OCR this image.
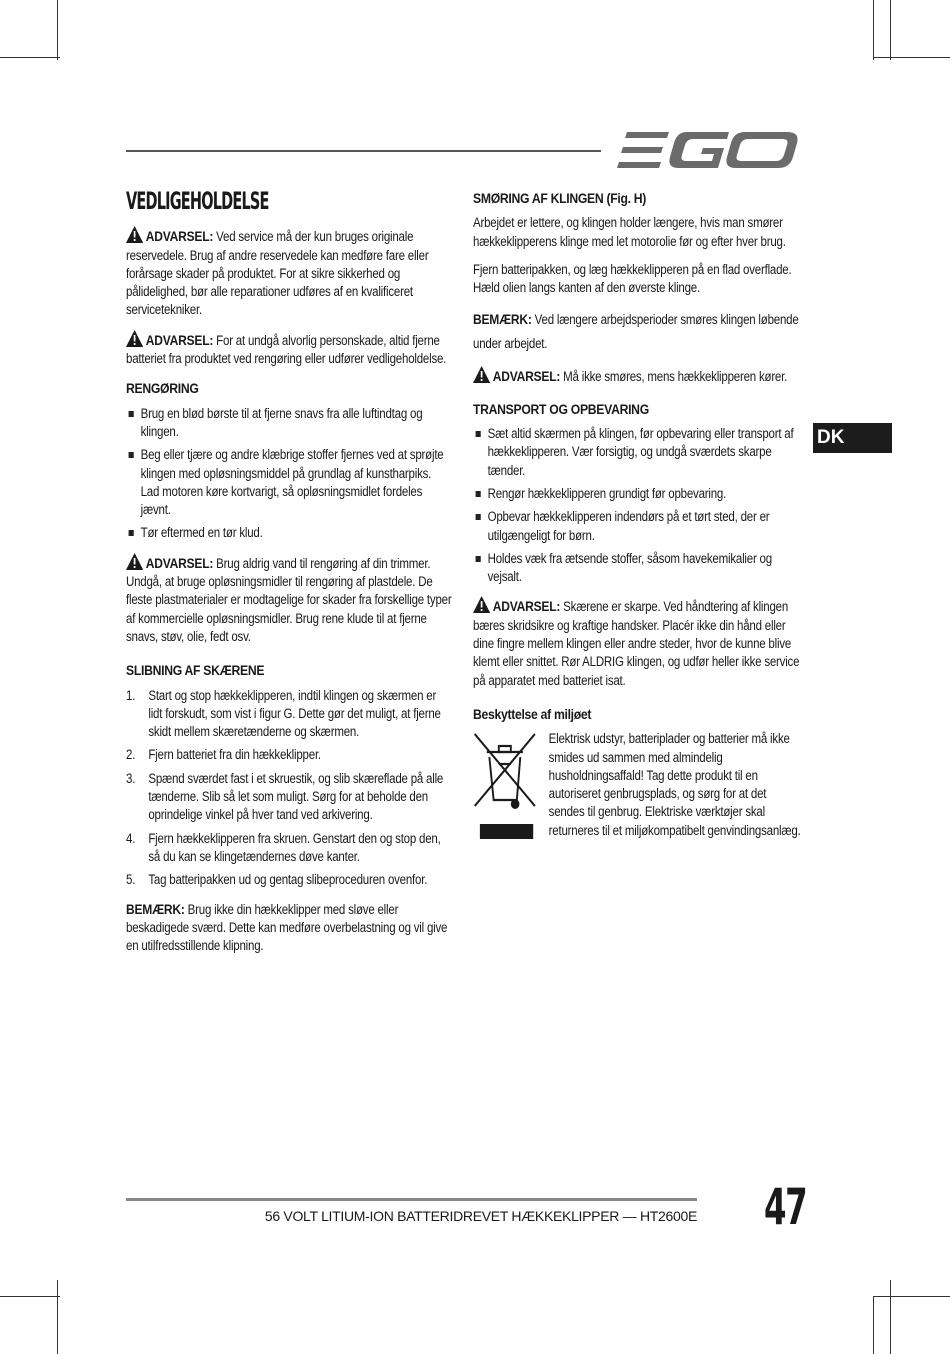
DK
VEDLIGEHOLDELSE

ADVARSEL: Ved service må der kun bruges originale reservedele. Brug af andre reservedele kan medføre fare eller forårsage skader på produktet. For at sikre sikkerhed og pålidelighed, bør alle reparationer udføres af en kvalificeret servicetekniker.

ADVARSEL: For at undgå alvorlig personskade, altid fjerne batteriet fra produktet ved rengøring eller udfører vedligeholdelse.

RENGØRING
Brug en blød børste til at fjerne snavs fra alle luftindtag og klingen.
Beg eller tjære og andre klæbrige stoffer fjernes ved at sprøjte klingen med opløsningsmiddel på grundlag af kunstharpiks. Lad motoren køre kortvarigt, så opløsningsmidlet fordeles jævnt.
Tør eftermed en tør klud.

ADVARSEL: Brug aldrig vand til rengøring af din trimmer. Undgå, at bruge opløsningsmidler til rengøring af plastdele. De fleste plastmaterialer er modtagelige for skader fra forskellige typer af kommercielle opløsningsmidler. Brug rene klude til at fjerne snavs, støv, olie, fedt osv.

SLIBNING AF SKÆRENE
1. Start og stop hækkeklipperen, indtil klingen og skærmen er lidt forskudt, som vist i figur G. Dette gør det muligt, at fjerne skidt mellem skæretænderne og skærmen.
2. Fjern batteriet fra din hækkeklipper.
3. Spænd sværdet fast i et skruestik, og slib skæreflade på alle tænderne. Slib så let som muligt. Sørg for at beholde den oprindelige vinkel på hver tand ved arkivering.
4. Fjern hækkeklipperen fra skruen. Genstart den og stop den, så du kan se klingetændernes døve kanter.
5. Tag batteripakken ud og gentag slibeproceduren ovenfor.

BEMÆRK: Brug ikke din hækkeklipper med sløve eller beskadigede sværd. Dette kan medføre overbelastning og vil give en utilfredsstillende klipning.

SMØRING AF KLINGEN (Fig. H)

Arbejdet er lettere, og klingen holder længere, hvis man smører hækkeklipperens klinge med let motorolie før og efter hver brug.

Fjern batteripakken, og læg hækkeklipperen på en flad overflade. Hæld olien langs kanten af den øverste klinge.

BEMÆRK: Ved længere arbejdsperioder smøres klingen løbende under arbejdet.

ADVARSEL: Må ikke smøres, mens hækkeklipperen kører.

TRANSPORT OG OPBEVARING
Sæt altid skærmen på klingen, før opbevaring eller transport af hækkeklipperen. Vær forsigtig, og undgå sværdets skarpe tænder.
Rengør hækkeklipperen grundigt før opbevaring.
Opbevar hækkeklipperen indendørs på et tørt sted, der er utilgængeligt for børn.
Holdes væk fra ætsende stoffer, såsom havekemikalier og vejsalt.

ADVARSEL: Skærene er skarpe. Ved håndtering af klingen bæres skridsikre og kraftige handsker. Placér ikke din hånd eller dine fingre mellem klingen eller andre steder, hvor de kunne blive klemt eller snittet. Rør ALDRIG klingen, og udfør heller ikke service på apparatet med batteriet isat.

Beskyttelse af miljøet
Elektrisk udstyr, batteriplader og batterier må ikke smides ud sammen med almindelig husholdningsaffald! Tag dette produkt til en autoriseret genbrugsplads, og sørg for at det sendes til genbrug. Elektriske værktøjer skal returneres til et miljøkompatibelt genvindingsanlæg.
56 VOLT LITIUM-ION BATTERIDREVET HÆKKEKLIPPER — HT2600E 47
